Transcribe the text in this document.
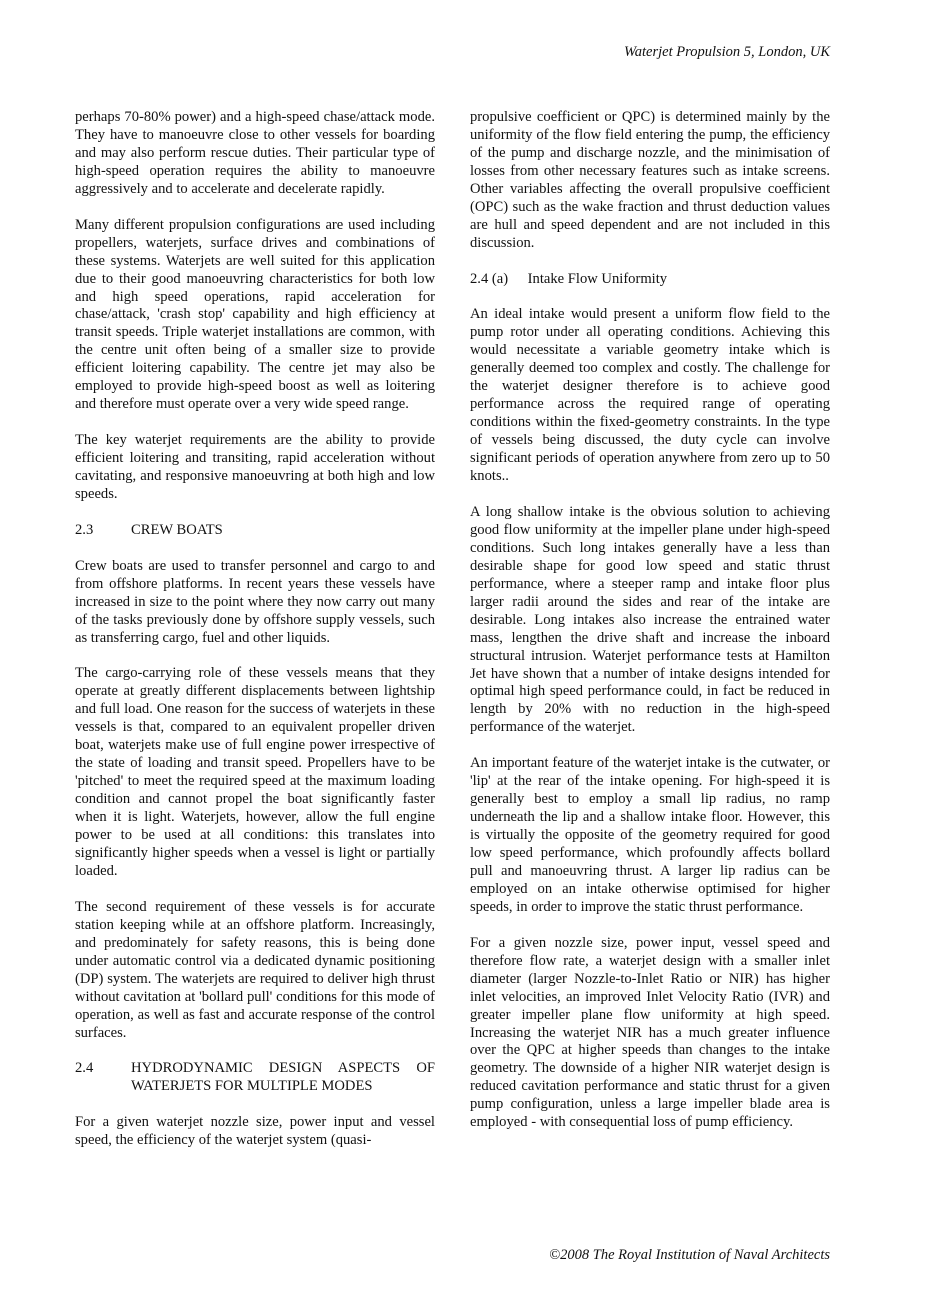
Waterjet Propulsion 5, London, UK

perhaps 70-80% power) and a high-speed chase/attack mode. They have to manoeuvre close to other vessels for boarding and may also perform rescue duties. Their particular type of high-speed operation requires the ability to manoeuvre aggressively and to accelerate and decelerate rapidly.

Many different propulsion configurations are used including propellers, waterjets, surface drives and combinations of these systems. Waterjets are well suited for this application due to their good manoeuvring characteristics for both low and high speed operations, rapid acceleration for chase/attack, 'crash stop' capability and high efficiency at transit speeds. Triple waterjet installations are common, with the centre unit often being of a smaller size to provide efficient loitering capability. The centre jet may also be employed to provide high-speed boost as well as loitering and therefore must operate over a very wide speed range.

The key waterjet requirements are the ability to provide efficient loitering and transiting, rapid acceleration without cavitating, and responsive manoeuvring at both high and low speeds.

2.3	CREW BOATS

Crew boats are used to transfer personnel and cargo to and from offshore platforms. In recent years these vessels have increased in size to the point where they now carry out many of the tasks previously done by offshore supply vessels, such as transferring cargo, fuel and other liquids.

The cargo-carrying role of these vessels means that they operate at greatly different displacements between lightship and full load. One reason for the success of waterjets in these vessels is that, compared to an equivalent propeller driven boat, waterjets make use of full engine power irrespective of the state of loading and transit speed. Propellers have to be 'pitched' to meet the required speed at the maximum loading condition and cannot propel the boat significantly faster when it is light. Waterjets, however, allow the full engine power to be used at all conditions: this translates into significantly higher speeds when a vessel is light or partially loaded.

The second requirement of these vessels is for accurate station keeping while at an offshore platform. Increasingly, and predominately for safety reasons, this is being done under automatic control via a dedicated dynamic positioning (DP) system. The waterjets are required to deliver high thrust without cavitation at 'bollard pull' conditions for this mode of operation, as well as fast and accurate response of the control surfaces.

2.4	HYDRODYNAMIC DESIGN ASPECTS OF WATERJETS FOR MULTIPLE MODES

For a given waterjet nozzle size, power input and vessel speed, the efficiency of the waterjet system (quasi-

propulsive coefficient or QPC) is determined mainly by the uniformity of the flow field entering the pump, the efficiency of the pump and discharge nozzle, and the minimisation of losses from other necessary features such as intake screens. Other variables affecting the overall propulsive coefficient (OPC) such as the wake fraction and thrust deduction values are hull and speed dependent and are not included in this discussion.

2.4 (a) Intake Flow Uniformity

An ideal intake would present a uniform flow field to the pump rotor under all operating conditions. Achieving this would necessitate a variable geometry intake which is generally deemed too complex and costly. The challenge for the waterjet designer therefore is to achieve good performance across the required range of operating conditions within the fixed-geometry constraints. In the type of vessels being discussed, the duty cycle can involve significant periods of operation anywhere from zero up to 50 knots..

A long shallow intake is the obvious solution to achieving good flow uniformity at the impeller plane under high-speed conditions. Such long intakes generally have a less than desirable shape for good low speed and static thrust performance, where a steeper ramp and intake floor plus larger radii around the sides and rear of the intake are desirable. Long intakes also increase the entrained water mass, lengthen the drive shaft and increase the inboard structural intrusion. Waterjet performance tests at Hamilton Jet have shown that a number of intake designs intended for optimal high speed performance could, in fact be reduced in length by 20% with no reduction in the high-speed performance of the waterjet.

An important feature of the waterjet intake is the cutwater, or 'lip' at the rear of the intake opening. For high-speed it is generally best to employ a small lip radius, no ramp underneath the lip and a shallow intake floor. However, this is virtually the opposite of the geometry required for good low speed performance, which profoundly affects bollard pull and manoeuvring thrust. A larger lip radius can be employed on an intake otherwise optimised for higher speeds, in order to improve the static thrust performance.

For a given nozzle size, power input, vessel speed and therefore flow rate, a waterjet design with a smaller inlet diameter (larger Nozzle-to-Inlet Ratio or NIR) has higher inlet velocities, an improved Inlet Velocity Ratio (IVR) and greater impeller plane flow uniformity at high speed. Increasing the waterjet NIR has a much greater influence over the QPC at higher speeds than changes to the intake geometry. The downside of a higher NIR waterjet design is reduced cavitation performance and static thrust for a given pump configuration, unless a large impeller blade area is employed - with consequential loss of pump efficiency.

©2008 The Royal Institution of Naval Architects
